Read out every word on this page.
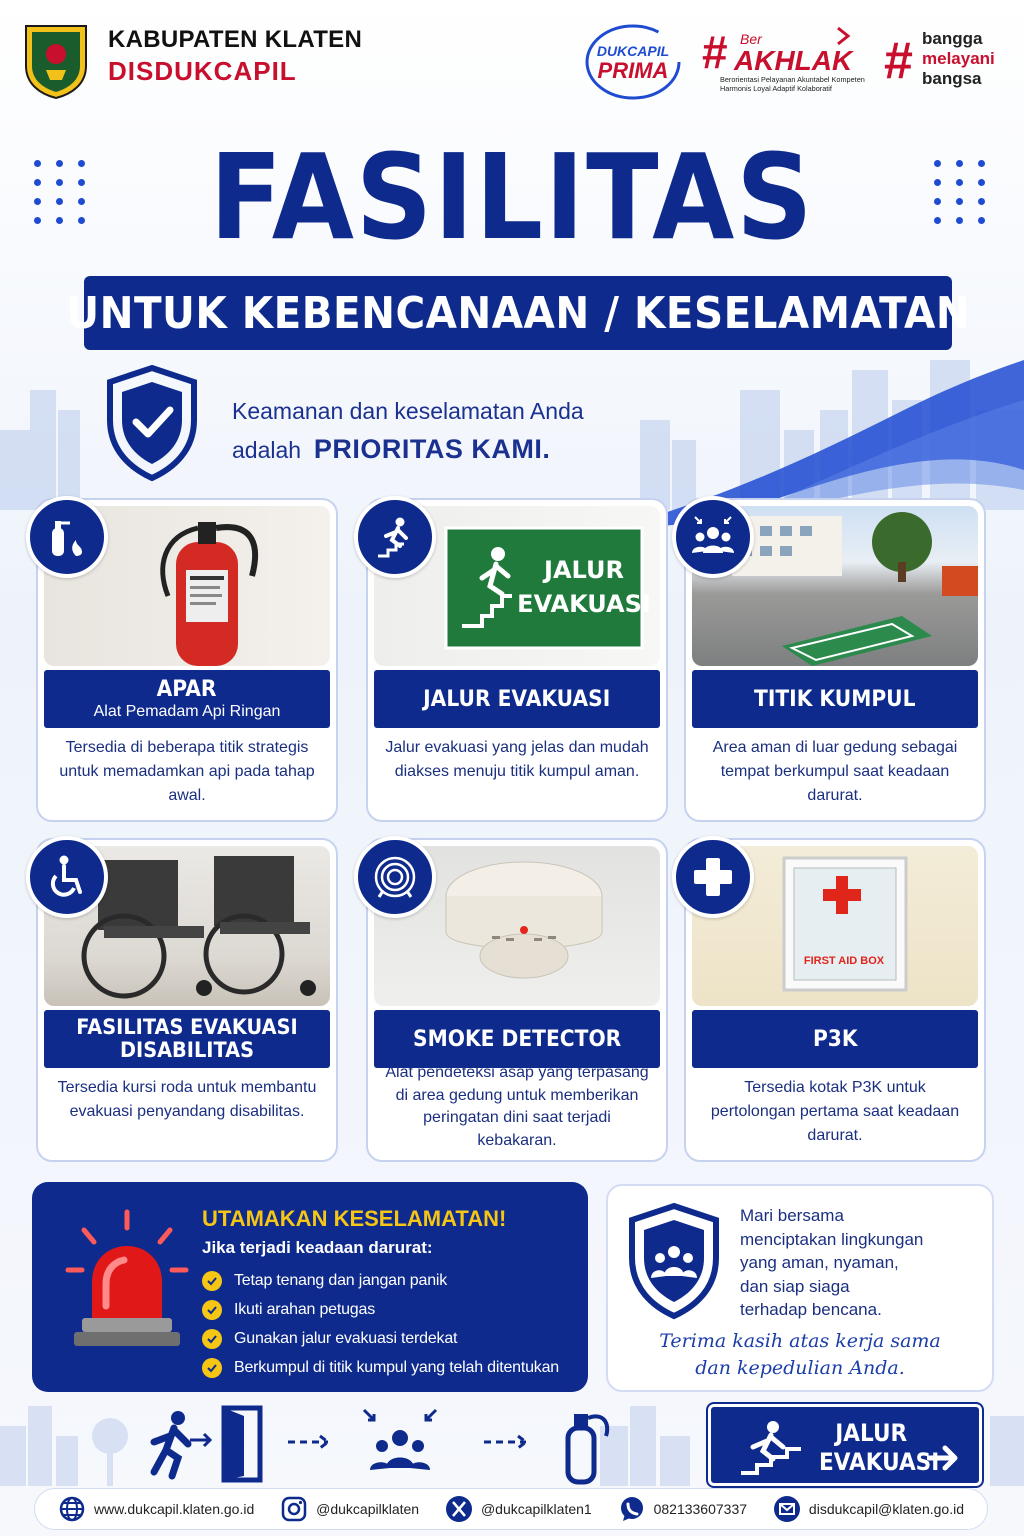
KABUPATEN KLATEN
DISDUKCAPIL
DUKCAPIL
PRIMA # Ber
AKHLAK
Berorientasi Pelayanan Akuntabel Kompeten
Harmonis Loyal Adaptif Kolaboratif # bangga
melayani
bangsa
FASILITAS
UNTUK KEBENCANAAN / KESELAMATAN
Keamanan dan keselamatan Anda
adalah PRIORITAS KAMI.
APAR
Alat Pemadam Api Ringan
Tersedia di beberapa titik strategis untuk memadamkan api pada tahap awal.
JALUR
EVAKUASI
JALUR EVAKUASI
Jalur evakuasi yang jelas dan mudah diakses menuju titik kumpul aman.
TITIK KUMPUL
Area aman di luar gedung sebagai tempat berkumpul saat keadaan darurat.
FASILITAS EVAKUASI DISABILITAS
Tersedia kursi roda untuk membantu evakuasi penyandang disabilitas.
SMOKE DETECTOR
Alat pendeteksi asap yang terpasang di area gedung untuk memberikan peringatan dini saat terjadi kebakaran.
FIRST AID BOX
P3K
Tersedia kotak P3K untuk pertolongan pertama saat keadaan darurat.
UTAMAKAN KESELAMATAN!
Jika terjadi keadaan darurat:
Tetap tenang dan jangan panik
Ikuti arahan petugas
Gunakan jalur evakuasi terdekat
Berkumpul di titik kumpul yang telah ditentukan
Mari bersama
menciptakan lingkungan
yang aman, nyaman,
dan siap siaga
terhadap bencana.
Terima kasih atas kerja sama
dan kepedulian Anda.
JALUR
EVAKUASI
www.dukcapil.klaten.go.id	@dukcapilklaten	@dukcapilklaten1	082133607337	disdukcapil@klaten.go.id
